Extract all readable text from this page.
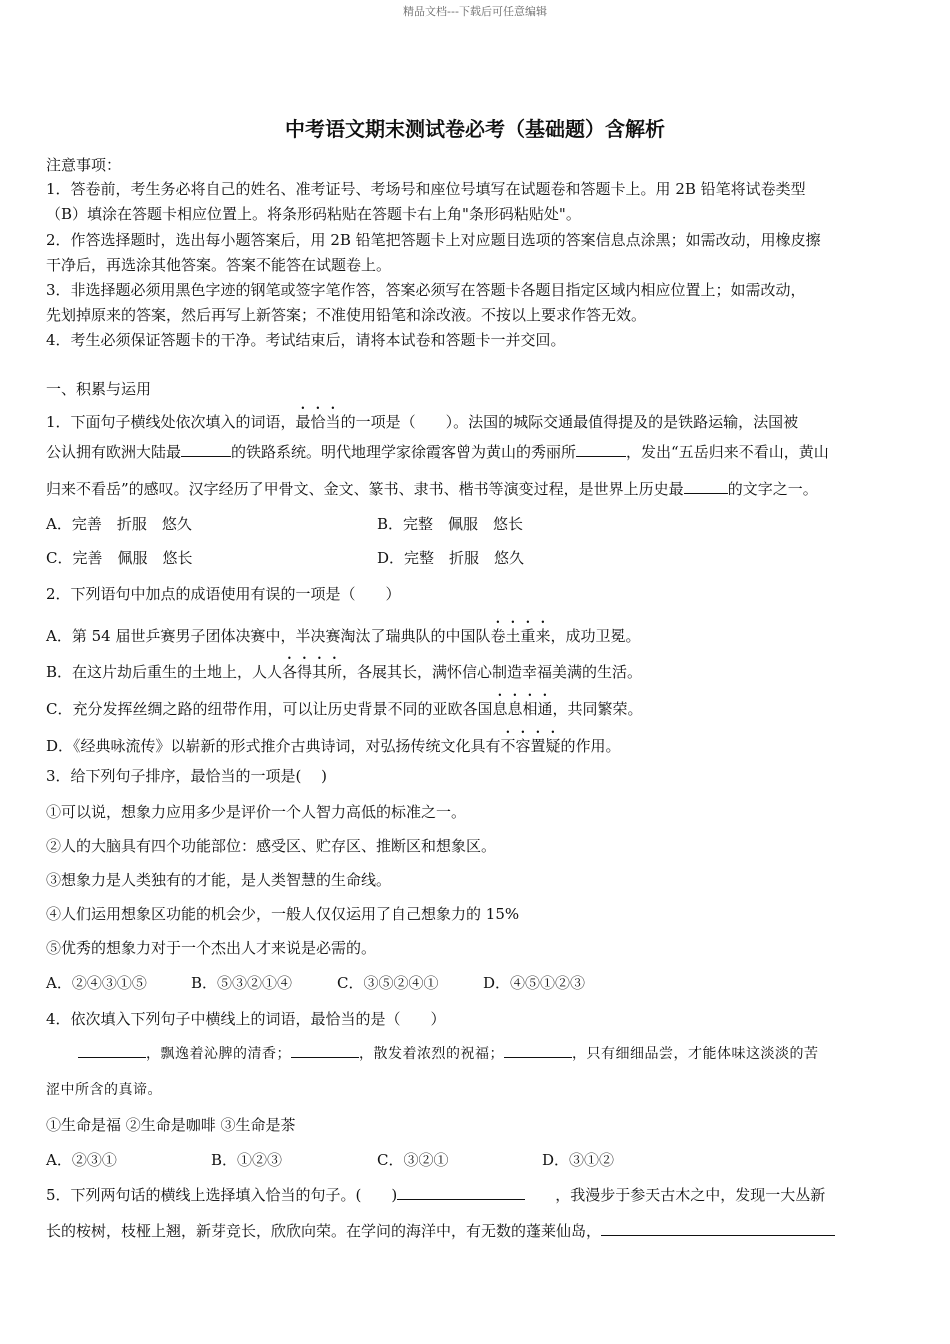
精品文档---下载后可任意编辑
中考语文期末测试卷必考（基础题）含解析
注意事项：
1．答卷前，考生务必将自己的姓名、准考证号、考场号和座位号填写在试题卷和答题卡上。用 2B 铅笔将试卷类型
（B）填涂在答题卡相应位置上。将条形码粘贴在答题卡右上角"条形码粘贴处"。
2．作答选择题时，选出每小题答案后，用 2B 铅笔把答题卡上对应题目选项的答案信息点涂黑；如需改动，用橡皮擦
干净后，再选涂其他答案。答案不能答在试题卷上。
3．非选择题必须用黑色字迹的钢笔或签字笔作答，答案必须写在答题卡各题目指定区域内相应位置上；如需改动，
先划掉原来的答案，然后再写上新答案；不准使用铅笔和涂改液。不按以上要求作答无效。
4．考生必须保证答题卡的干净。考试结束后，请将本试卷和答题卡一并交回。
一、积累与运用
1．下面句子横线处依次填入的词语，最恰当的一项是（　　）。法国的城际交通最值得提及的是铁路运输，法国被
公认拥有欧洲大陆最	的铁路系统。明代地理学家徐霞客曾为黄山的秀丽所	，发出“五岳归来不看山，黄山
归来不看岳”的感叹。汉字经历了甲骨文、金文、篆书、隶书、楷书等演变过程，是世界上历史最	的文字之一。
A．完善　折服　悠久	B．完整　佩服　悠长
C．完善　佩服　悠长	D．完整　折服　悠久
2．下列语句中加点的成语使用有误的一项是（　　）
A．第 54 届世乒赛男子团体决赛中，半决赛淘汰了瑞典队的中国队卷土重来，成功卫冕。
B．在这片劫后重生的土地上，人人各得其所，各展其长，满怀信心制造幸福美满的生活。
C．充分发挥丝绸之路的纽带作用，可以让历史背景不同的亚欧各国息息相通，共同繁荣。
D．《经典咏流传》以崭新的形式推介古典诗词，对弘扬传统文化具有不容置疑的作用。
3．给下列句子排序，最恰当的一项是(　 )
①可以说，想象力应用多少是评价一个人智力高低的标准之一。
②人的大脑具有四个功能部位：感受区、贮存区、推断区和想象区。
③想象力是人类独有的才能，是人类智慧的生命线。
④人们运用想象区功能的机会少，一般人仅仅运用了自己想象力的 15%
⑤优秀的想象力对于一个杰出人才来说是必需的。
A．②④③①⑤	B．⑤③②①④	C．③⑤②④①	D．④⑤①②③
4．依次填入下列句子中横线上的词语，最恰当的是（　　）
，飘逸着沁脾的清香；	，散发着浓烈的祝福；	，只有细细品尝，才能体味这淡淡的苦
涩中所含的真谛。
①生命是福 ②生命是咖啡 ③生命是茶
A．②③①	B．①②③	C．③②①	D．③①②
5．下列两句话的横线上选择填入恰当的句子。(　　)	，我漫步于参天古木之中，发现一大丛新
长的桉树，枝桠上翘，新芽竞长，欣欣向荣。在学问的海洋中，有无数的蓬莱仙岛，
